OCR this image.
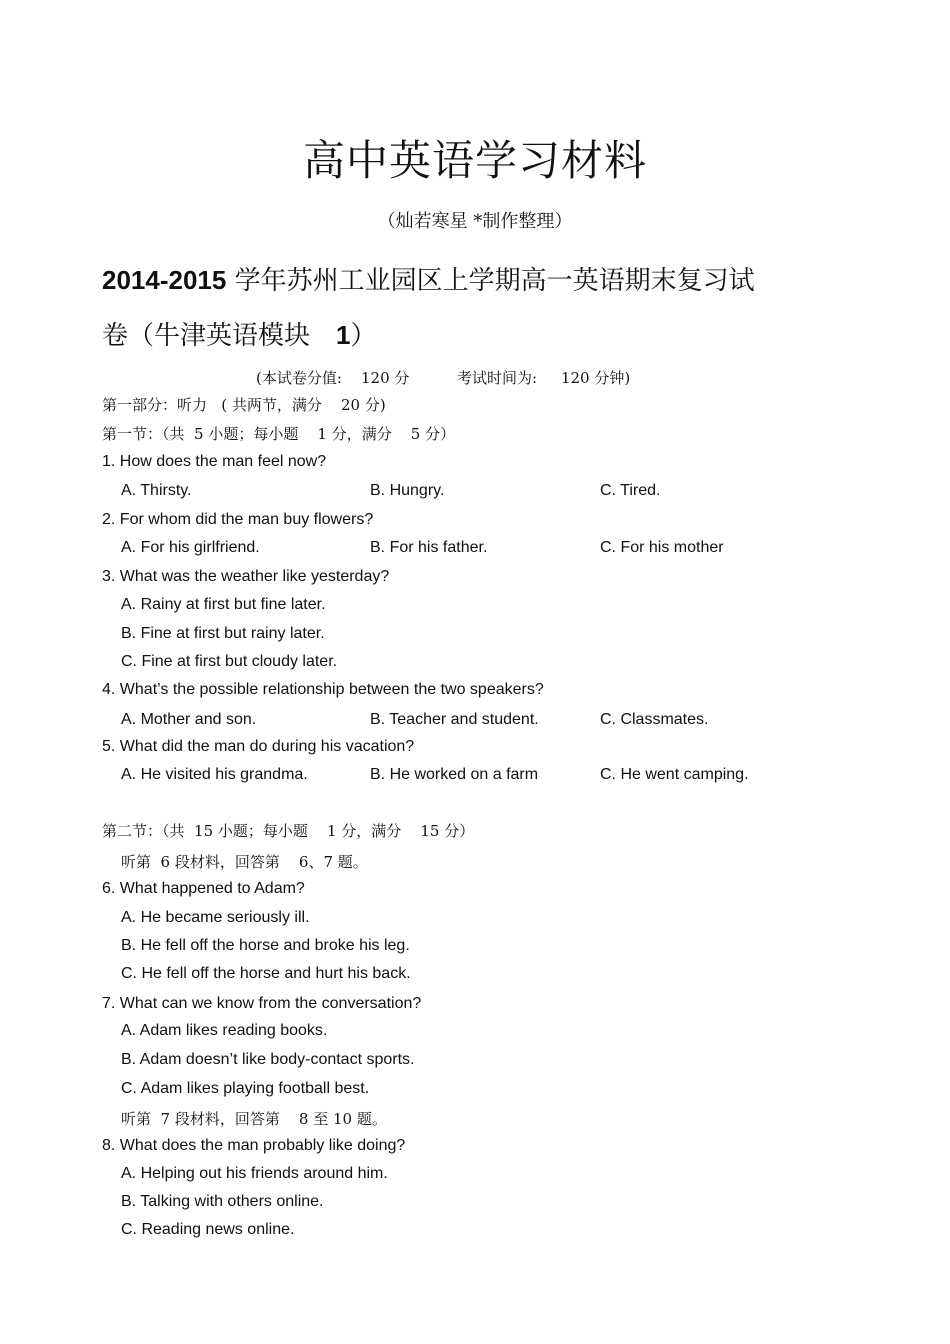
高中英语学习材料
（灿若寒星 *制作整理）
2014-2015 学年苏州工业园区上学期高一英语期末复习试
卷（牛津英语模块 1）
(本试卷分值:    120 分          考试时间为:     120 分钟)
第一部分：听力   ( 共两节，满分    20 分)
第一节：（共  5 小题；每小题    1 分，满分    5 分）
1. How does the man feel now?
A. Thirsty.	B. Hungry.	C. Tired.
2. For whom did the man buy flowers?
A. For his girlfriend.	B. For his father.	C. For his mother
3. What was the weather like yesterday?
A. Rainy at first but fine later.
B. Fine at first but rainy later.
C. Fine at first but cloudy later.
4. What’s the possible relationship between the two speakers?
A. Mother and son.	B. Teacher and student.	C. Classmates.
5. What did the man do during his vacation?
A. He visited his grandma.	B. He worked on a farm	C. He went camping.
第二节：（共  15 小题；每小题    1 分，满分    15 分）
听第  6 段材料，回答第    6、7 题。
6. What happened to Adam?
A. He became seriously ill.
B. He fell off the horse and broke his leg.
C. He fell off the horse and hurt his back.
7. What can we know from the conversation?
A. Adam likes reading books.
B. Adam doesn’t like body-contact sports.
C. Adam likes playing football best.
听第  7 段材料，回答第    8 至 10 题。
8. What does the man probably like doing?
A. Helping out his friends around him.
B. Talking with others online.
C. Reading news online.
